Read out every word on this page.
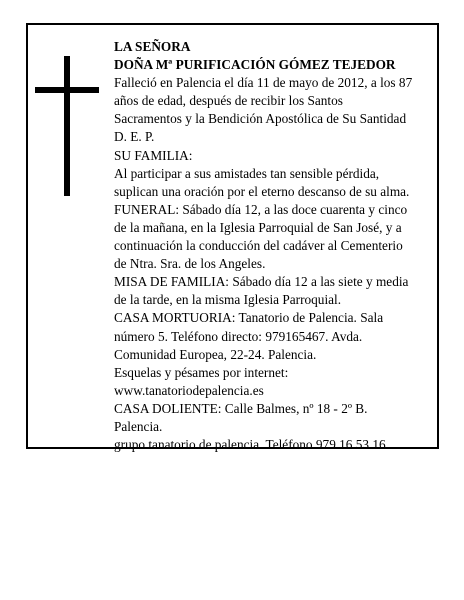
LA SEÑORA
DOÑA Mª PURIFICACIÓN GÓMEZ TEJEDOR
Falleció en Palencia el día 11 de mayo de 2012, a los 87
años de edad, después de recibir los Santos
Sacramentos y la Bendición Apostólica de Su Santidad
D. E. P.
SU FAMILIA:
Al participar a sus amistades tan sensible pérdida,
suplican una oración por el eterno descanso de su alma.
FUNERAL: Sábado día 12, a las doce cuarenta y cinco
de la mañana, en la Iglesia Parroquial de San José, y a
continuación la conducción del cadáver al Cementerio
de Ntra. Sra. de los Angeles.
MISA DE FAMILIA: Sábado día 12 a las siete y media
de la tarde, en la misma Iglesia Parroquial.
CASA MORTUORIA: Tanatorio de Palencia. Sala
número 5. Teléfono directo: 979165467. Avda.
Comunidad Europea, 22-24. Palencia.
Esquelas y pésames por internet:
www.tanatoriodepalencia.es
CASA DOLIENTE: Calle Balmes, nº 18 - 2º B.
Palencia.
grupo tanatorio de palencia. Teléfono 979 16 53 16
